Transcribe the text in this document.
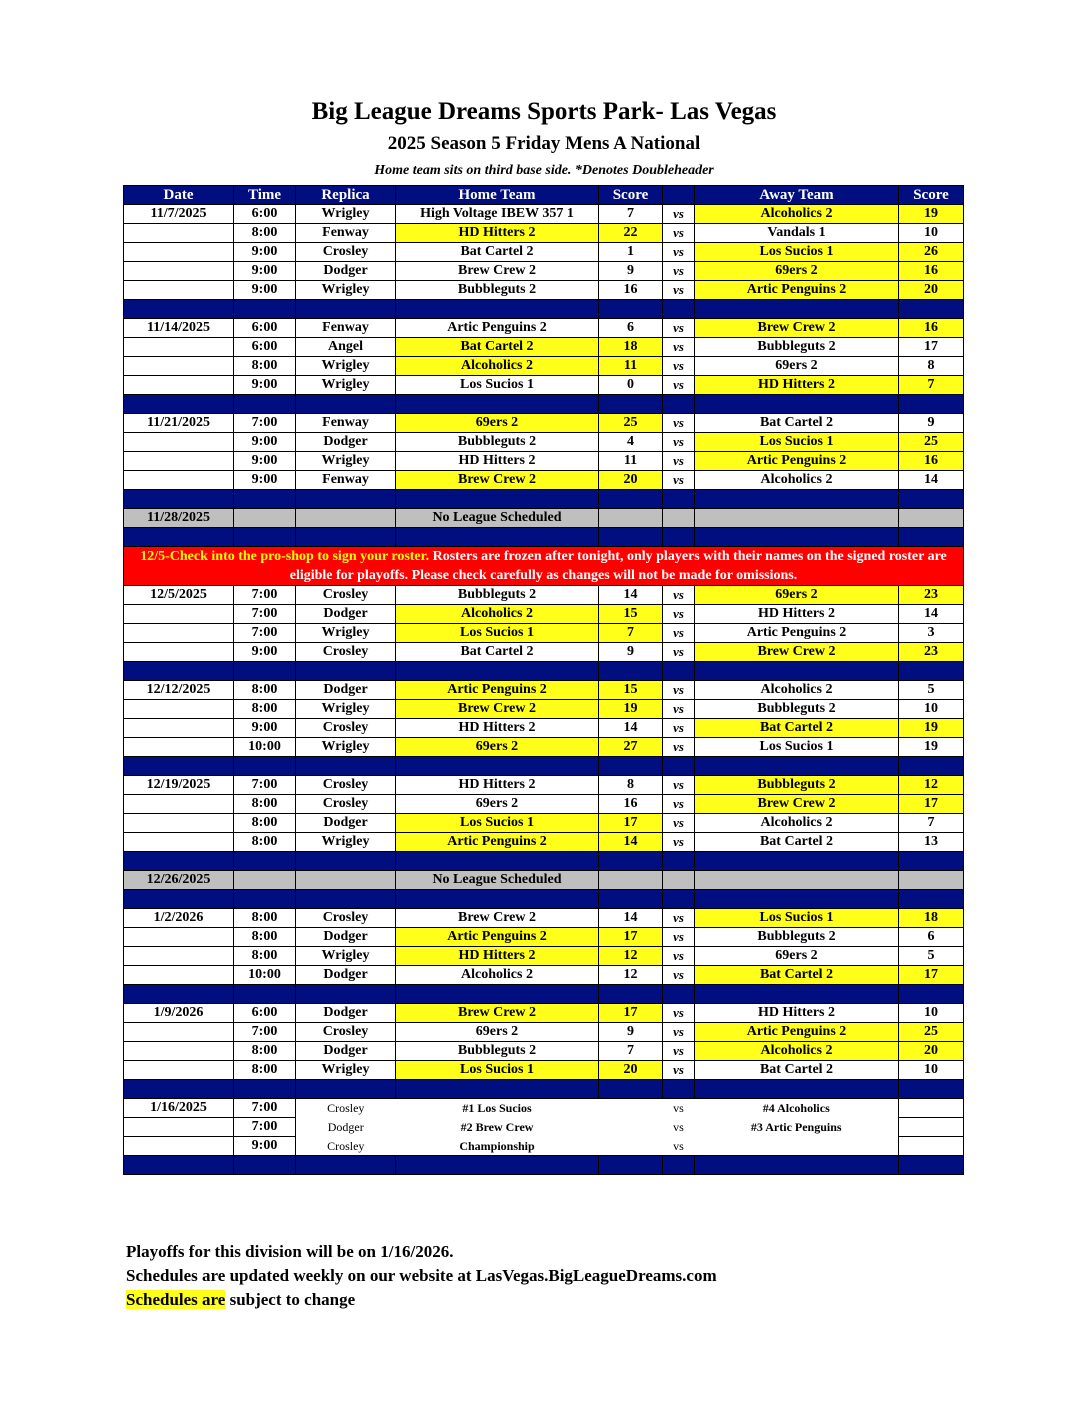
Big League Dreams Sports Park- Las Vegas
2025 Season 5 Friday Mens A National
Home team sits on third base side. *Denotes Doubleheader
Date	Time	Replica	Home Team	Score		Away Team	Score
11/7/2025	6:00	Wrigley	High Voltage IBEW 357 1	7	vs	Alcoholics 2	19
	8:00	Fenway	HD Hitters 2	22	vs	Vandals 1	10
	9:00	Crosley	Bat Cartel 2	1	vs	Los Sucios 1	26
	9:00	Dodger	Brew Crew 2	9	vs	69ers 2	16
	9:00	Wrigley	Bubbleguts 2	16	vs	Artic Penguins 2	20

11/14/2025	6:00	Fenway	Artic Penguins 2	6	vs	Brew Crew 2	16
	6:00	Angel	Bat Cartel 2	18	vs	Bubbleguts 2	17
	8:00	Wrigley	Alcoholics 2	11	vs	69ers 2	8
	9:00	Wrigley	Los Sucios 1	0	vs	HD Hitters 2	7

11/21/2025	7:00	Fenway	69ers 2	25	vs	Bat Cartel 2	9
	9:00	Dodger	Bubbleguts 2	4	vs	Los Sucios 1	25
	9:00	Wrigley	HD Hitters 2	11	vs	Artic Penguins 2	16
	9:00	Fenway	Brew Crew 2	20	vs	Alcoholics 2	14

11/28/2025			No League Scheduled				

12/5-Check into the pro-shop to sign your roster. Rosters are frozen after tonight, only players with their names on the signed roster are eligible for playoffs. Please check carefully as changes will not be made for omissions.							
12/5/2025	7:00	Crosley	Bubbleguts 2	14	vs	69ers 2	23
	7:00	Dodger	Alcoholics 2	15	vs	HD Hitters 2	14
	7:00	Wrigley	Los Sucios 1	7	vs	Artic Penguins 2	3
	9:00	Crosley	Bat Cartel 2	9	vs	Brew Crew 2	23

12/12/2025	8:00	Dodger	Artic Penguins 2	15	vs	Alcoholics 2	5
	8:00	Wrigley	Brew Crew 2	19	vs	Bubbleguts 2	10
	9:00	Crosley	HD Hitters 2	14	vs	Bat Cartel 2	19
	10:00	Wrigley	69ers 2	27	vs	Los Sucios 1	19

12/19/2025	7:00	Crosley	HD Hitters 2	8	vs	Bubbleguts 2	12
	8:00	Crosley	69ers 2	16	vs	Brew Crew 2	17
	8:00	Dodger	Los Sucios 1	17	vs	Alcoholics 2	7
	8:00	Wrigley	Artic Penguins 2	14	vs	Bat Cartel 2	13

12/26/2025			No League Scheduled				

1/2/2026	8:00	Crosley	Brew Crew 2	14	vs	Los Sucios 1	18
	8:00	Dodger	Artic Penguins 2	17	vs	Bubbleguts 2	6
	8:00	Wrigley	HD Hitters 2	12	vs	69ers 2	5
	10:00	Dodger	Alcoholics 2	12	vs	Bat Cartel 2	17

1/9/2026	6:00	Dodger	Brew Crew 2	17	vs	HD Hitters 2	10
	7:00	Crosley	69ers 2	9	vs	Artic Penguins 2	25
	8:00	Dodger	Bubbleguts 2	7	vs	Alcoholics 2	20
	8:00	Wrigley	Los Sucios 1	20	vs	Bat Cartel 2	10

1/16/2025	7:00	Crosley	#1 Los Sucios		vs	#4 Alcoholics	
	7:00	Dodger	#2 Brew Crew		vs	#3 Artic Penguins	
	9:00	Crosley	Championship		vs		

Playoffs for this division will be on 1/16/2026.
Schedules are updated weekly on our website at LasVegas.BigLeagueDreams.com
Schedules are subject to change
